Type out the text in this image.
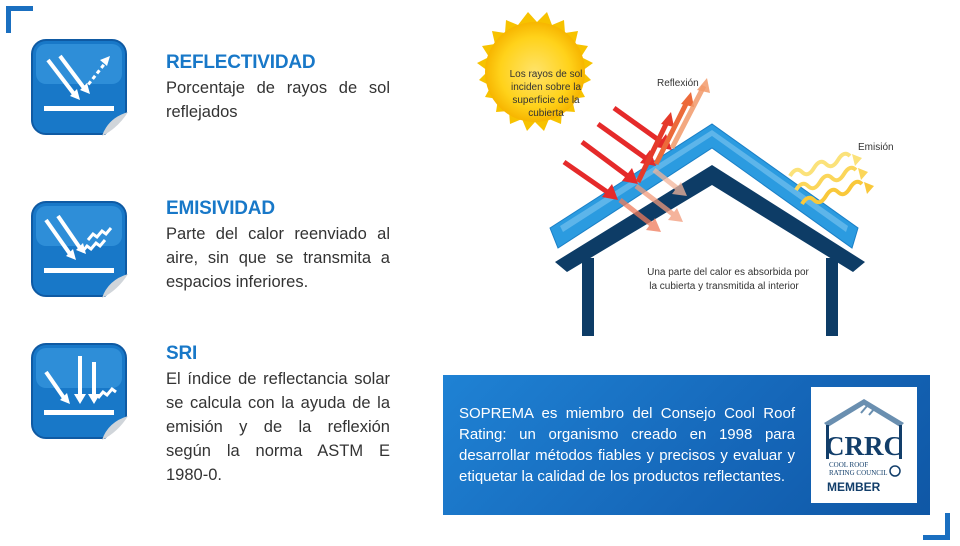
REFLECTIVIDAD
Porcentaje de rayos de sol reflejados
EMISIVIDAD
Parte del calor reenviado al aire, sin que se transmita a espacios inferiores.
SRI
El índice de reflectancia solar se calcula con la ayuda de la emisión y de la reflexión según la norma ASTM E 1980-0.
Los rayos de sol
inciden sobre la
superficie de la
cubierta
Reflexión
Emisión
Una parte del calor es absorbida por
la cubierta y transmitida al interior
SOPREMA es miembro del Consejo Cool Roof Rating: un organismo creado en 1998 para desarrollar métodos fiables y precisos y evaluar y etiquetar la calidad de los productos reflectantes.
CRRC
COOL ROOF
RATING COUNCIL
MEMBER
